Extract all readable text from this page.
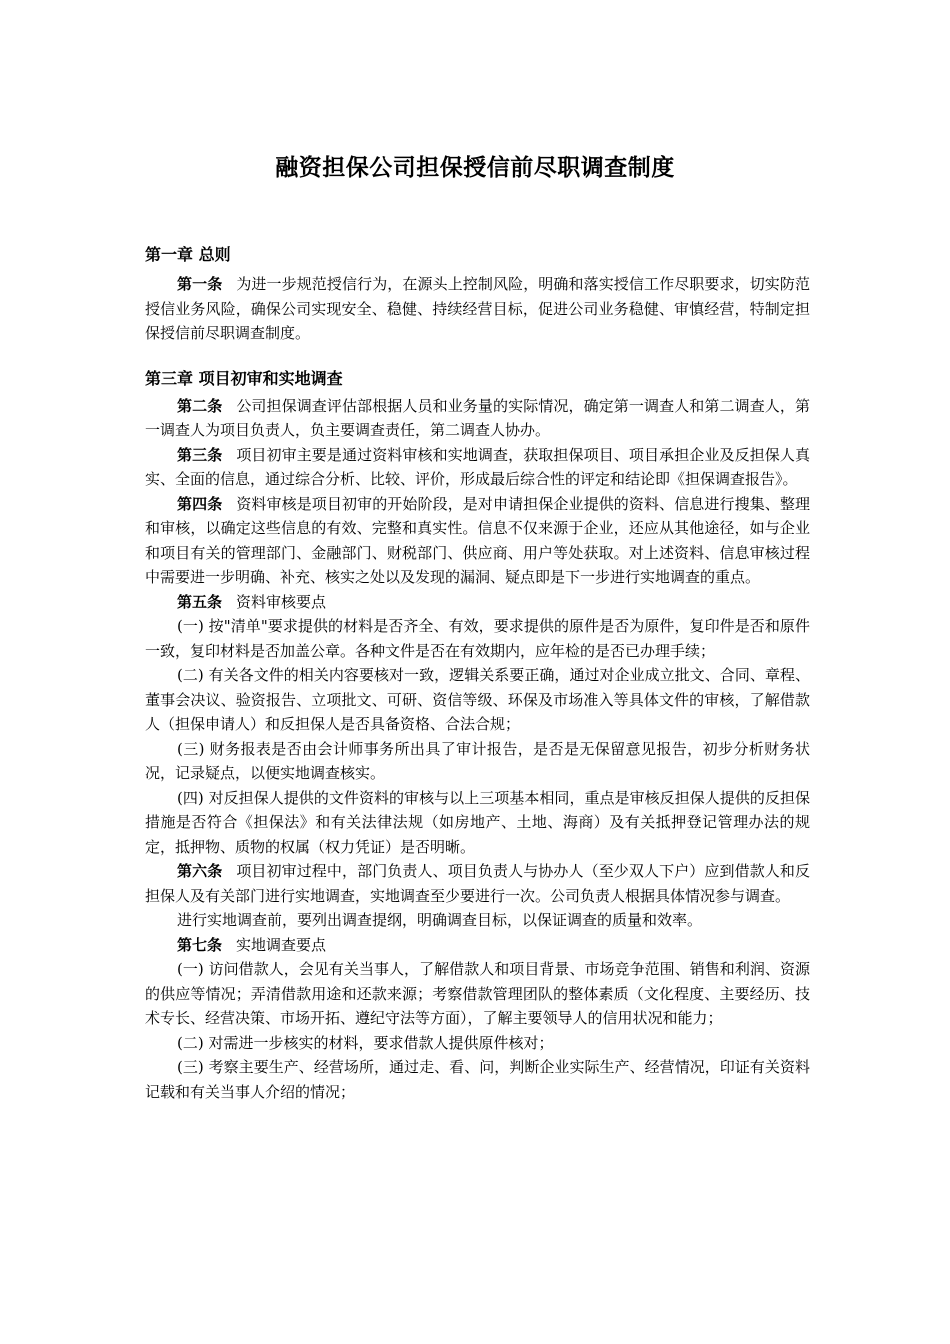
融资担保公司担保授信前尽职调查制度
第一章 总则

第一条 为进一步规范授信行为，在源头上控制风险，明确和落实授信工作尽职要求，切实防范授信业务风险，确保公司实现安全、稳健、持续经营目标，促进公司业务稳健、审慎经营，特制定担保授信前尽职调查制度。

第三章 项目初审和实地调查

第二条 公司担保调查评估部根据人员和业务量的实际情况，确定第一调查人和第二调查人，第一调查人为项目负责人，负主要调查责任，第二调查人协办。

第三条 项目初审主要是通过资料审核和实地调查，获取担保项目、项目承担企业及反担保人真实、全面的信息，通过综合分析、比较、评价，形成最后综合性的评定和结论即《担保调查报告》。

第四条 资料审核是项目初审的开始阶段，是对申请担保企业提供的资料、信息进行搜集、整理和审核，以确定这些信息的有效、完整和真实性。信息不仅来源于企业，还应从其他途径，如与企业和项目有关的管理部门、金融部门、财税部门、供应商、用户等处获取。对上述资料、信息审核过程中需要进一步明确、补充、核实之处以及发现的漏洞、疑点即是下一步进行实地调查的重点。

第五条 资料审核要点

(一) 按"清单"要求提供的材料是否齐全、有效，要求提供的原件是否为原件，复印件是否和原件一致，复印材料是否加盖公章。各种文件是否在有效期内，应年检的是否已办理手续；

(二) 有关各文件的相关内容要核对一致，逻辑关系要正确，通过对企业成立批文、合同、章程、董事会决议、验资报告、立项批文、可研、资信等级、环保及市场准入等具体文件的审核，了解借款人（担保申请人）和反担保人是否具备资格、合法合规；

(三) 财务报表是否由会计师事务所出具了审计报告，是否是无保留意见报告，初步分析财务状况，记录疑点，以便实地调查核实。

(四) 对反担保人提供的文件资料的审核与以上三项基本相同，重点是审核反担保人提供的反担保措施是否符合《担保法》和有关法律法规（如房地产、土地、海商）及有关抵押登记管理办法的规定，抵押物、质物的权属（权力凭证）是否明晰。

第六条 项目初审过程中，部门负责人、项目负责人与协办人（至少双人下户）应到借款人和反担保人及有关部门进行实地调查，实地调查至少要进行一次。公司负责人根据具体情况参与调查。

进行实地调查前，要列出调查提纲，明确调查目标，以保证调查的质量和效率。

第七条 实地调查要点

(一) 访问借款人，会见有关当事人，了解借款人和项目背景、市场竞争范围、销售和利润、资源的供应等情况；弄清借款用途和还款来源；考察借款管理团队的整体素质（文化程度、主要经历、技术专长、经营决策、市场开拓、遵纪守法等方面），了解主要领导人的信用状况和能力；

(二) 对需进一步核实的材料，要求借款人提供原件核对；

(三) 考察主要生产、经营场所，通过走、看、问，判断企业实际生产、经营情况，印证有关资料记载和有关当事人介绍的情况；
